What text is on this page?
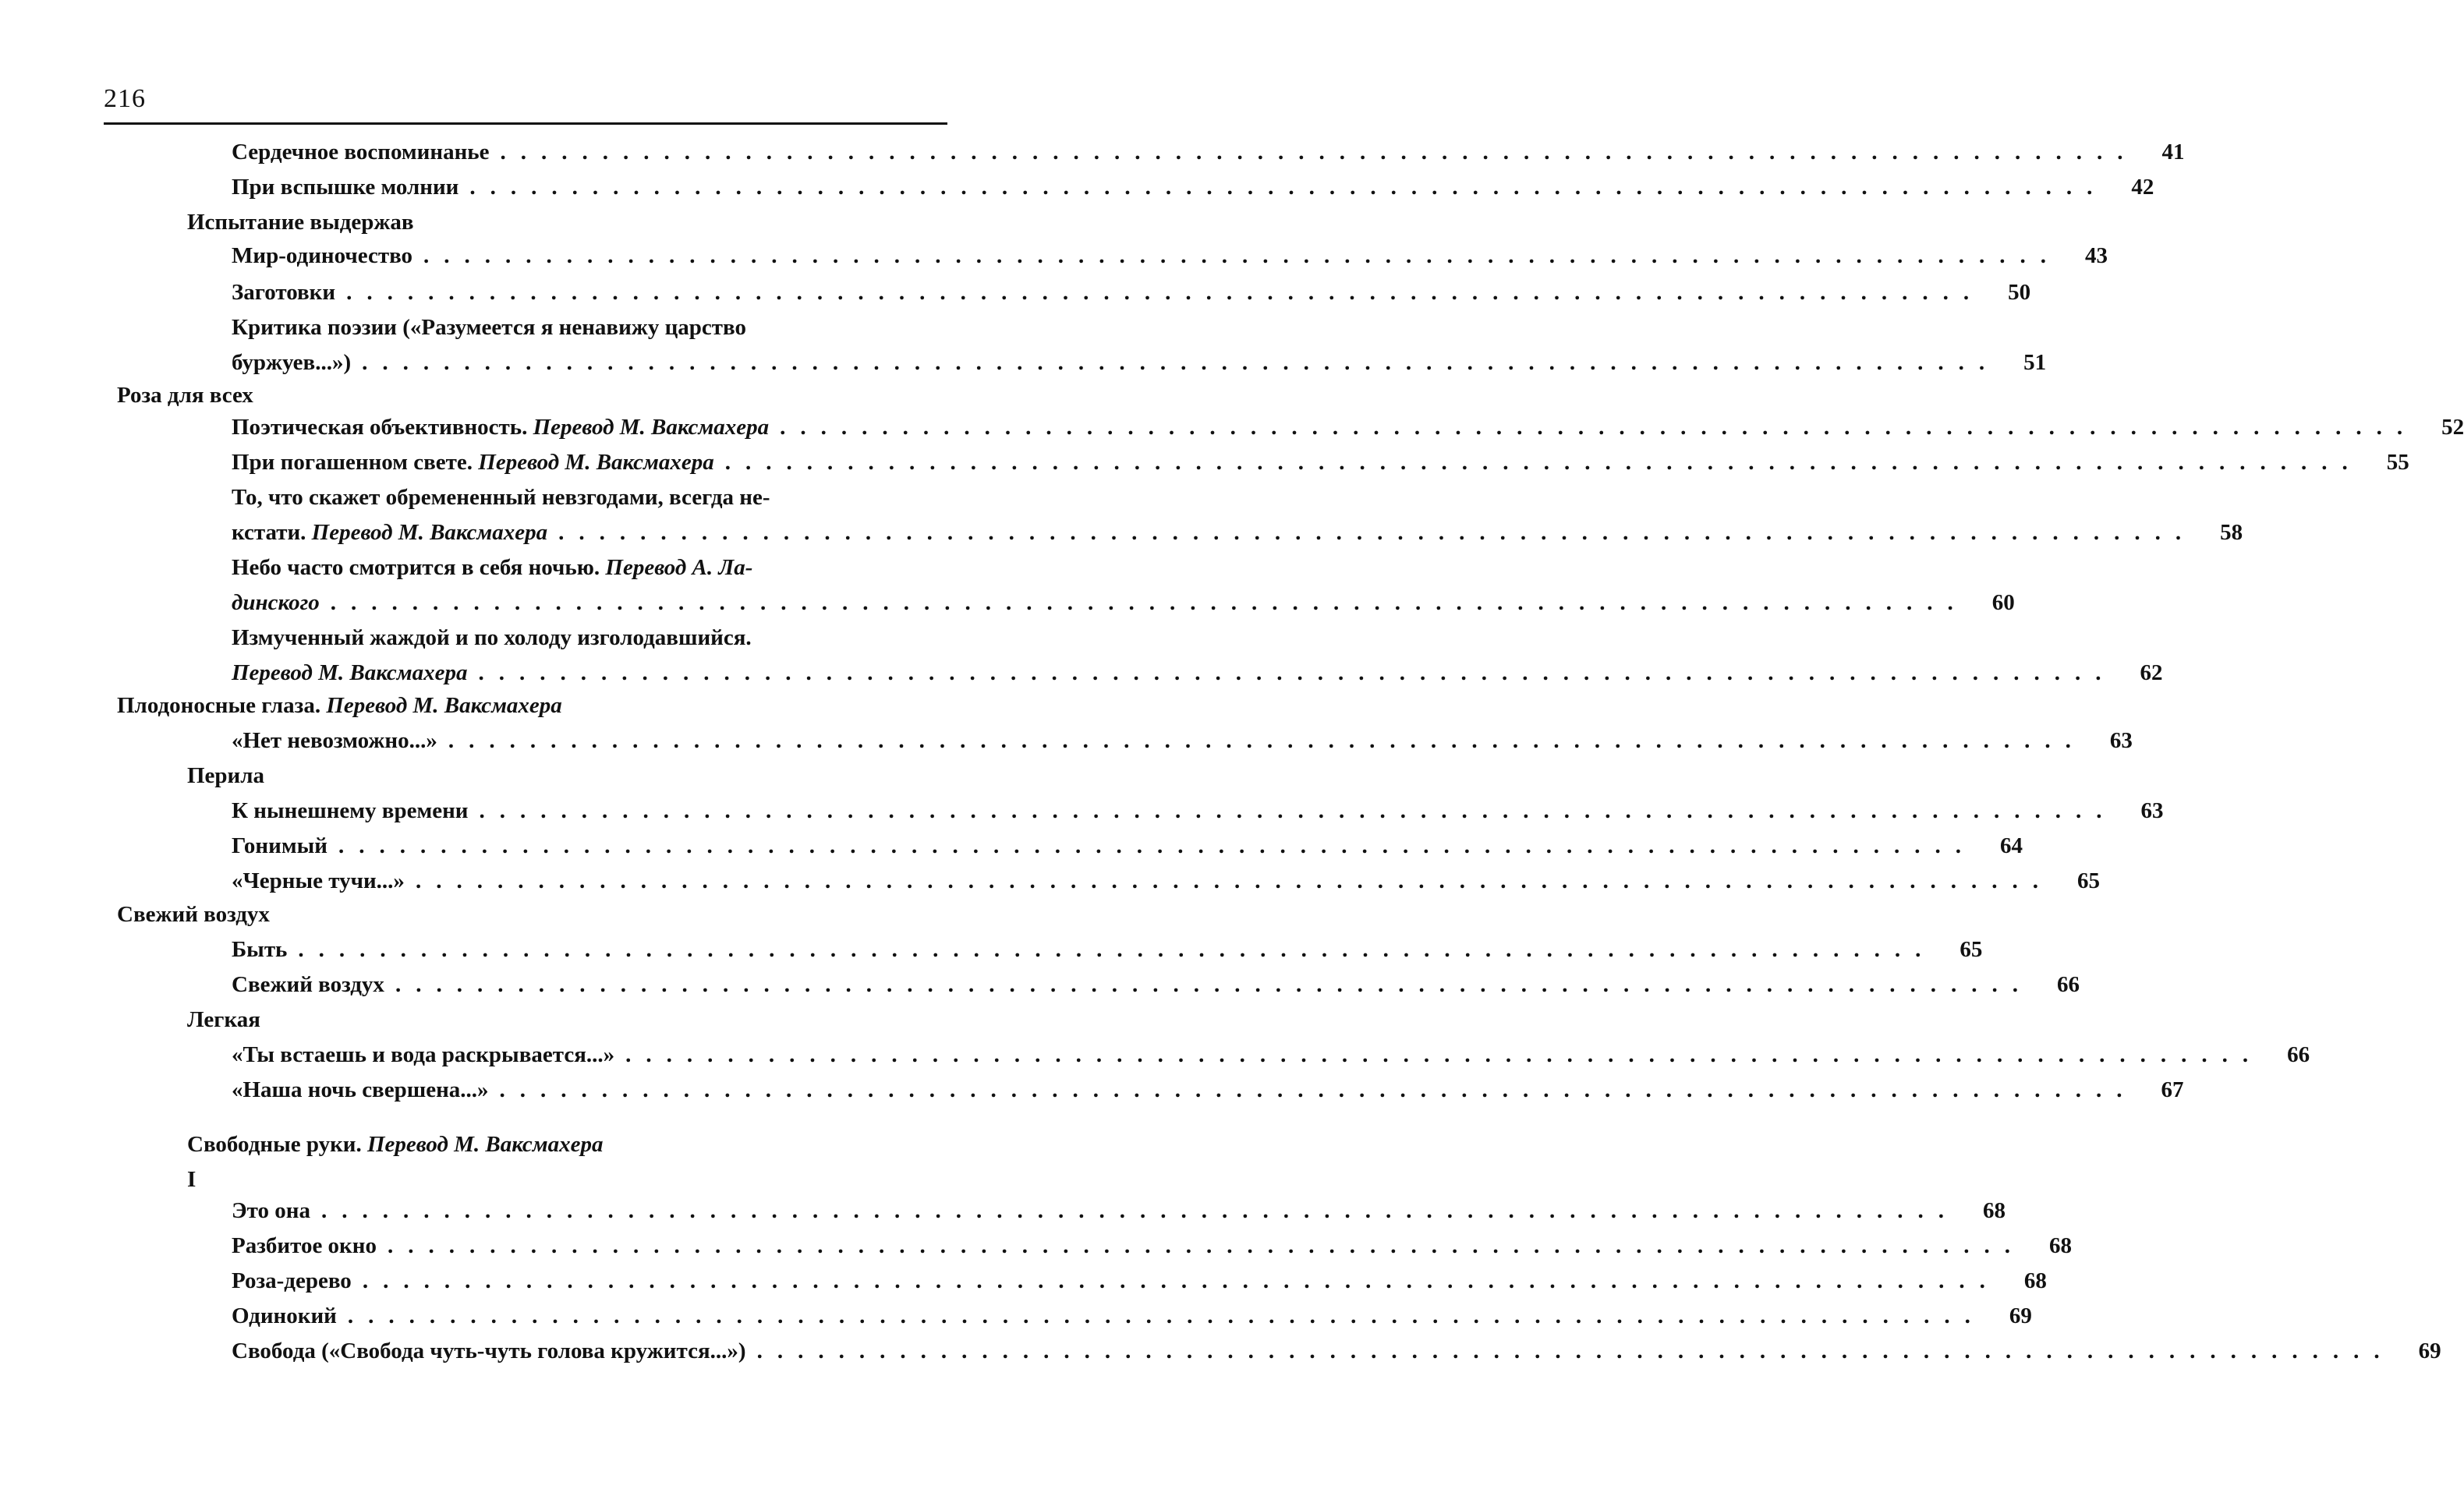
216
Сердечное воспоминанье ................................................................................	41
При вспышке молнии ................................................................................	42
Испытание выдержав
Мир-одиночество ................................................................................	43
Заготовки ................................................................................	50
Критика поэзии («Разумеется я ненавижу царство
буржуев...») ................................................................................	51
Роза для всех
Поэтическая объективность. Перевод М. Ваксмахера ................................................................................	52
При погашенном свете. Перевод М. Ваксмахера ................................................................................	55
То, что скажет обремененный невзгодами, всегда не-
кстати. Перевод М. Ваксмахера ................................................................................	58
Небо часто смотрится в себя ночью. Перевод А. Ла-
динского ................................................................................	60
Измученный жаждой и по холоду изголодавшийся.
Перевод М. Ваксмахера ................................................................................	62
Плодоносные глаза. Перевод М. Ваксмахера
«Нет невозможно...» ................................................................................	63
Перила
К нынешнему времени ................................................................................	63
Гонимый ................................................................................	64
«Черные тучи...» ................................................................................	65
Свежий воздух
Быть ................................................................................	65
Свежий воздух ................................................................................	66
Легкая
«Ты встаешь и вода раскрывается...» ................................................................................	66
«Наша ночь свершена...» ................................................................................	67
Свободные руки. Перевод М. Ваксмахера
I
Это она ................................................................................	68
Разбитое окно ................................................................................	68
Роза-дерево ................................................................................	68
Одинокий ................................................................................	69
Свобода («Свобода чуть-чуть голова кружится...») ................................................................................	69
